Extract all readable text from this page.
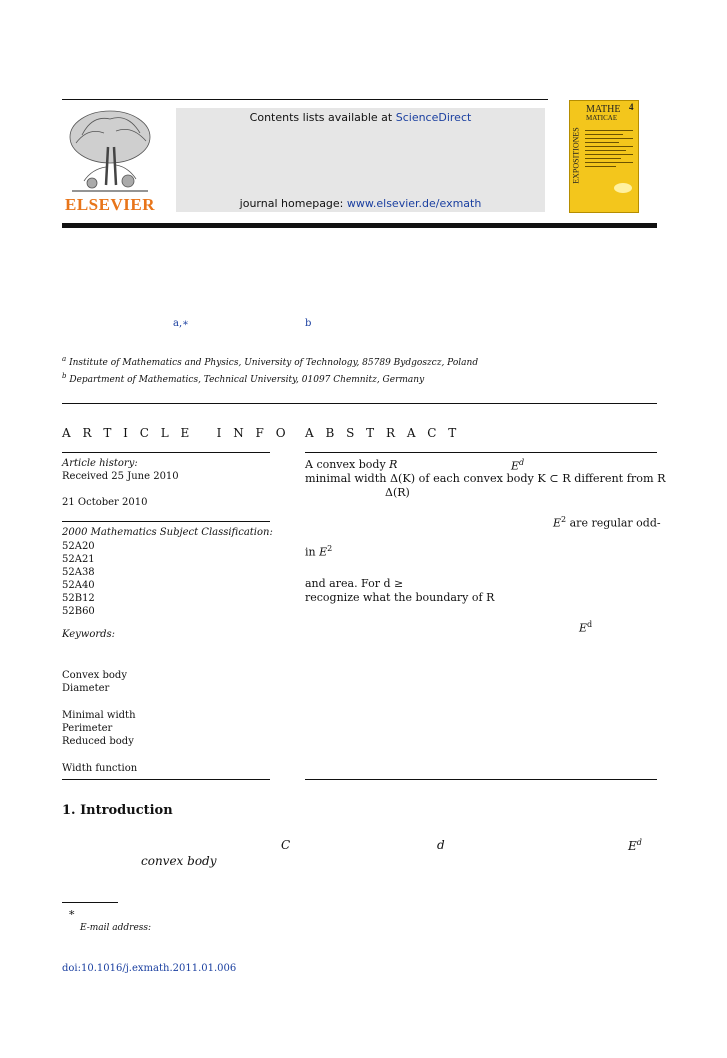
ELSEVIER
Contents lists available at ScienceDirect
journal homepage: www.elsevier.de/exmath
EXPOSITIONES
MATHE
MATICAE
4
a,∗	b
$^a$ Institute of Mathematics and Physics, University of Technology, 85789 Bydgoszcz, Poland
$^b$ Department of Mathematics, Technical University, 01097 Chemnitz, Germany
A R T I C L E   I N F O
Article history:
Received 25 June 2010
21 October 2010
2000 Mathematics Subject Classification:
52A20
52A21
52A38
52A40
52B12
52B60
Keywords:
Convex body
Diameter
Minimal width
Perimeter
Reduced body
Width function
A B S T R A C T
A convex body R	$E^d$
minimal width Δ(K) of each convex body K ⊂ R different from R
Δ(R)
$E^2$ are regular odd-
in $E^2$
and area. For d ≥
recognize what the boundary of R
$E^d$
1. Introduction
C	d	$E^d$
convex body
∗
E-mail address:
doi:10.1016/j.exmath.2011.01.006
